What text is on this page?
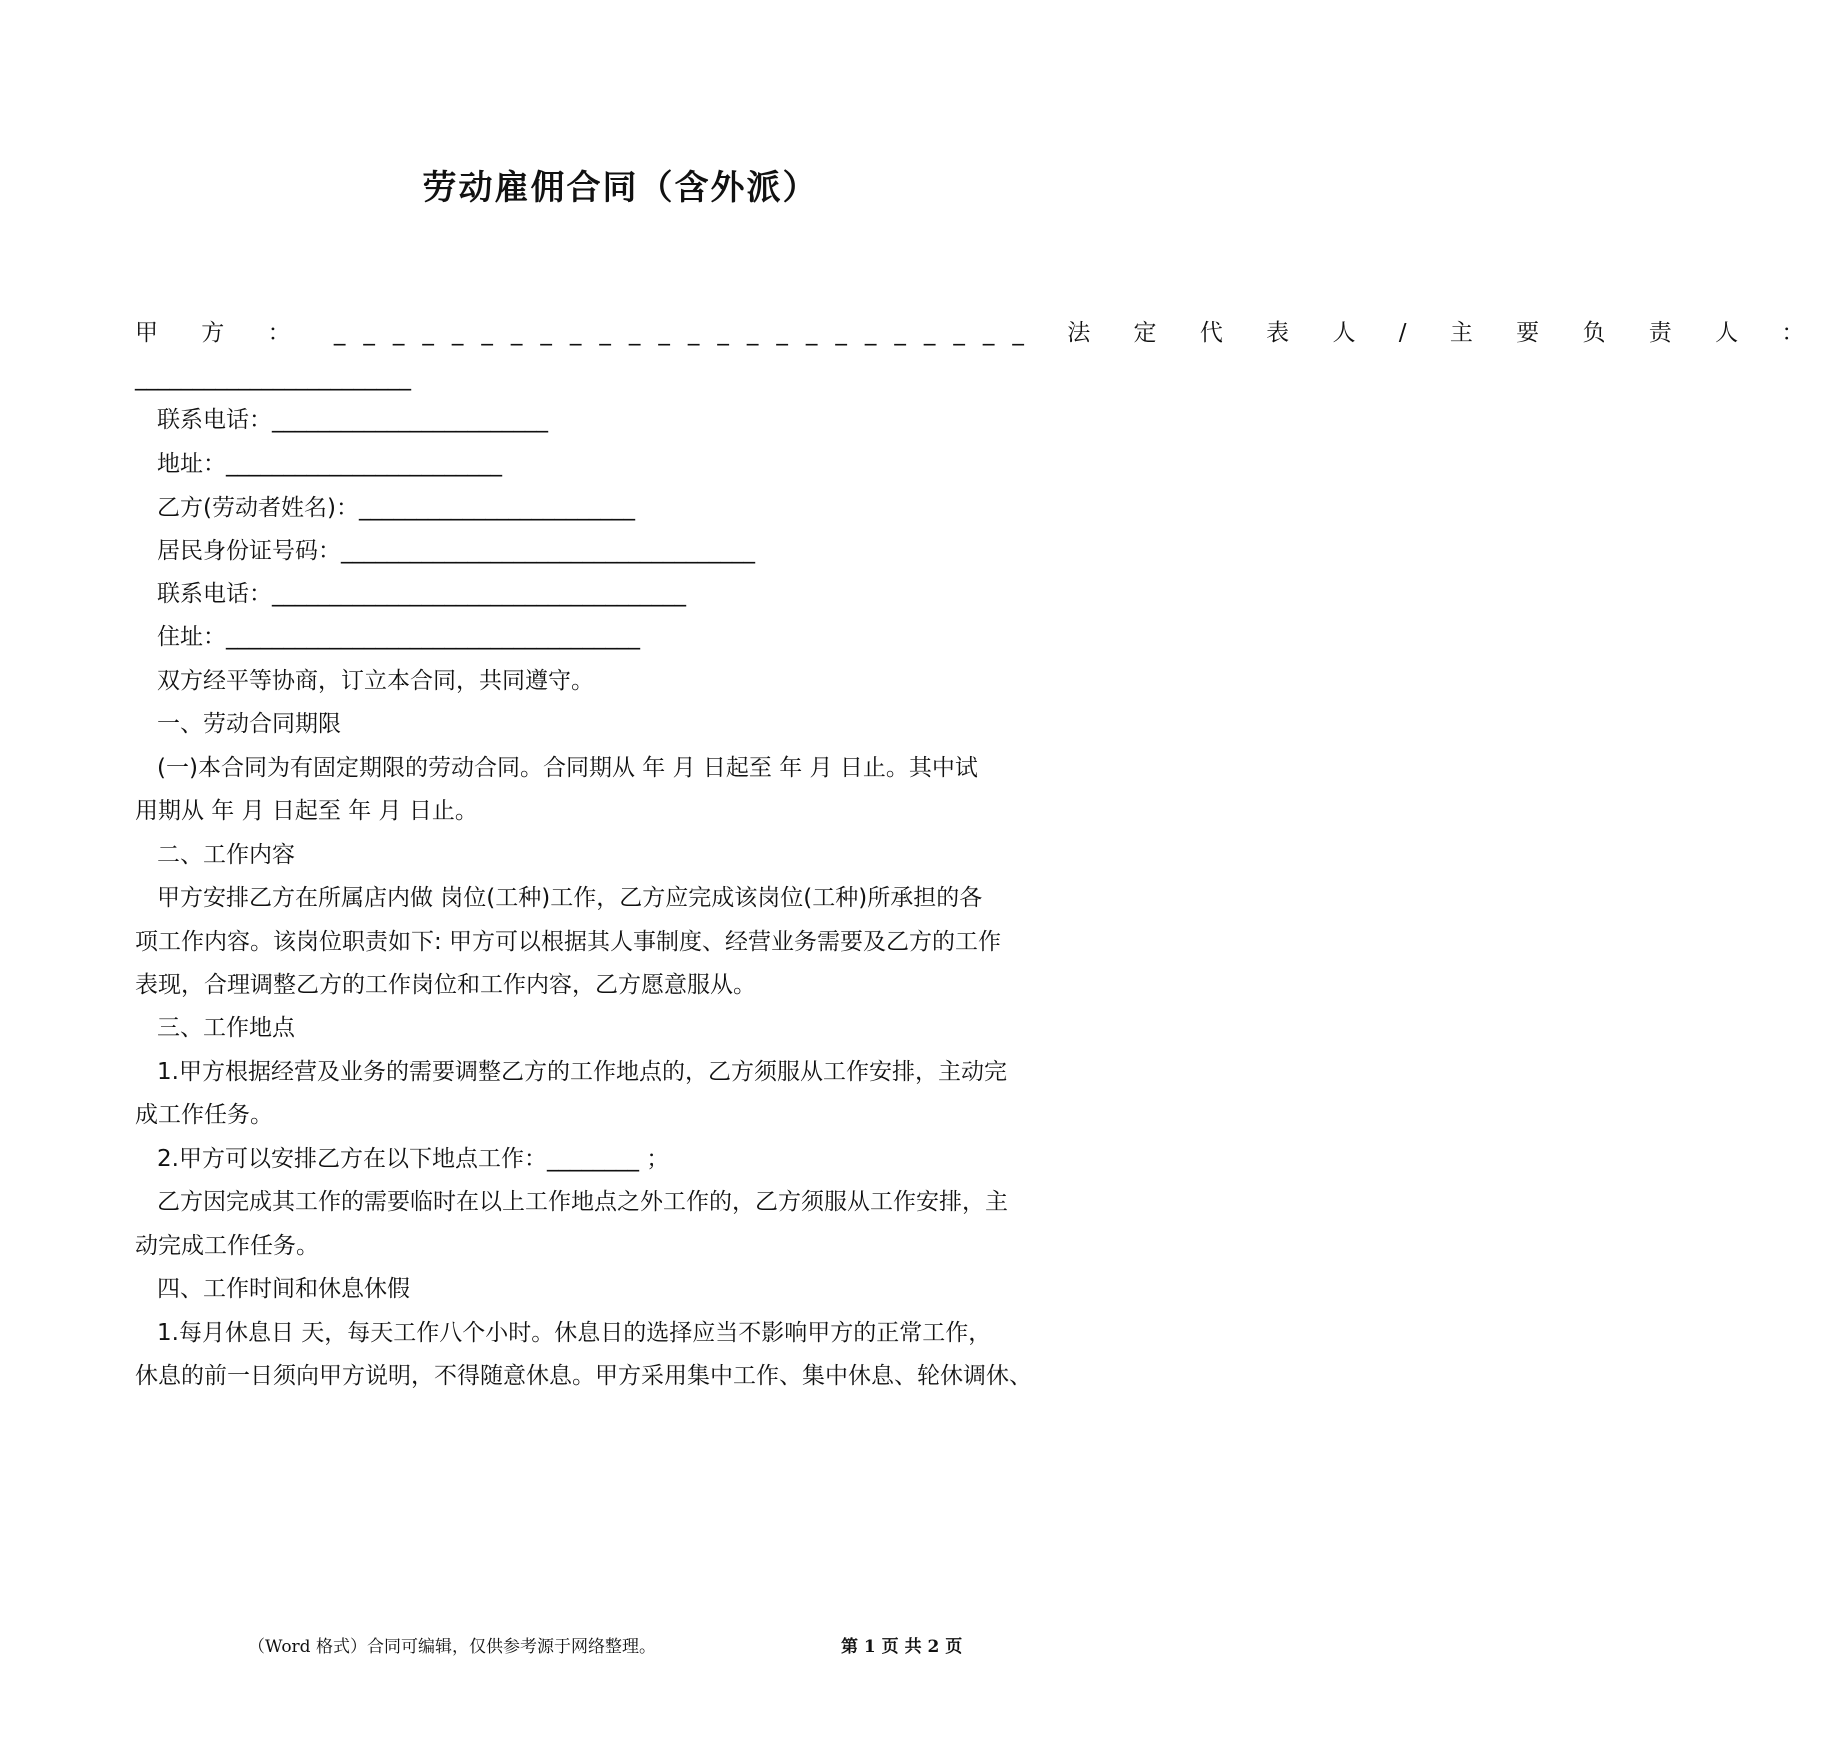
劳动雇佣合同（含外派）
甲 方 ： ________________________ 法 定 代 表 人 / 主 要 负 责 人 ：
________________________
联系电话：________________________
地址：________________________
乙方(劳动者姓名)：________________________
居民身份证号码：____________________________________
联系电话：____________________________________
住址：____________________________________
双方经平等协商，订立本合同，共同遵守。
一、劳动合同期限
(一)本合同为有固定期限的劳动合同。合同期从 年 月 日起至 年 月 日止。其中试
用期从 年 月 日起至 年 月 日止。
二、工作内容
甲方安排乙方在所属店内做 岗位(工种)工作，乙方应完成该岗位(工种)所承担的各
项工作内容。该岗位职责如下: 甲方可以根据其人事制度、经营业务需要及乙方的工作
表现，合理调整乙方的工作岗位和工作内容，乙方愿意服从。
三、工作地点
1.甲方根据经营及业务的需要调整乙方的工作地点的，乙方须服从工作安排，主动完
成工作任务。
2.甲方可以安排乙方在以下地点工作：________ ；
乙方因完成其工作的需要临时在以上工作地点之外工作的，乙方须服从工作安排，主
动完成工作任务。
四、工作时间和休息休假
1.每月休息日 天，每天工作八个小时。休息日的选择应当不影响甲方的正常工作，
休息的前一日须向甲方说明，不得随意休息。甲方采用集中工作、集中休息、轮休调休、
（Word 格式）合同可编辑，仅供参考源于网络整理。	第 1 页 共 2 页
